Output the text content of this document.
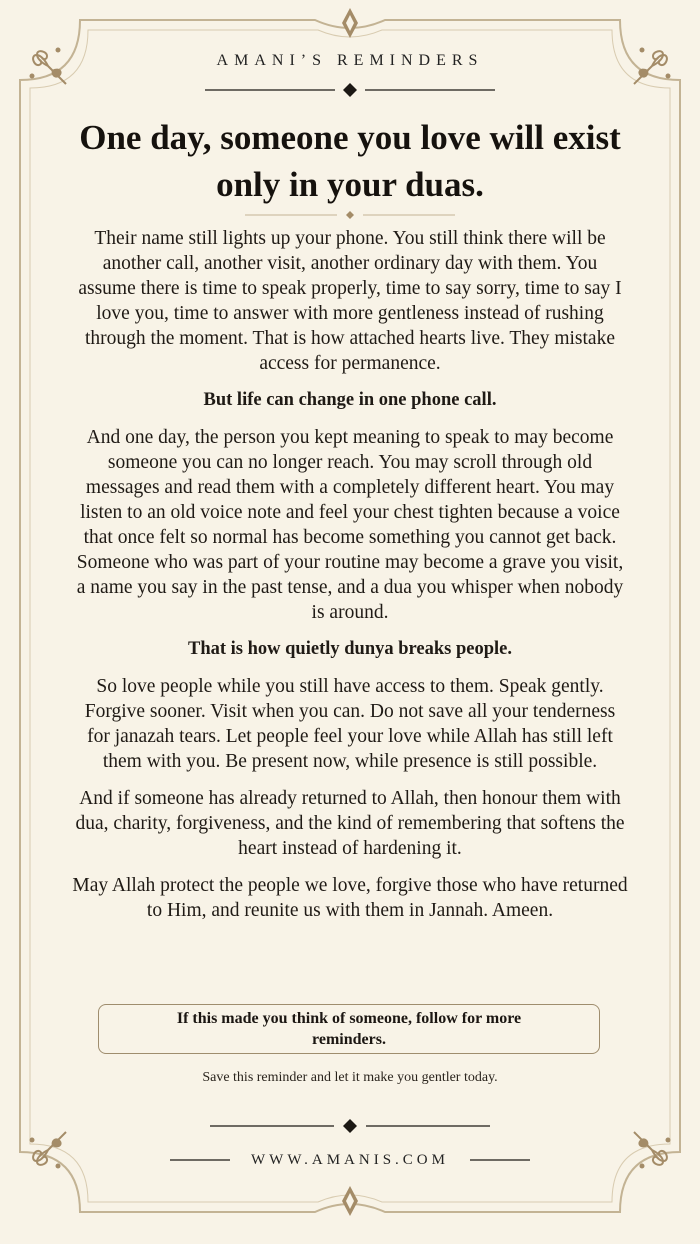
AMANI’S REMINDERS
One day, someone you love will exist only in your duas.

Their name still lights up your phone. You still think there will be another call, another visit, another ordinary day with them. You assume there is time to speak properly, time to say sorry, time to say I love you, time to answer with more gentleness instead of rushing through the moment. That is how attached hearts live. They mistake access for permanence.

But life can change in one phone call.

And one day, the person you kept meaning to speak to may become someone you can no longer reach. You may scroll through old messages and read them with a completely different heart. You may listen to an old voice note and feel your chest tighten because a voice that once felt so normal has become something you cannot get back. Someone who was part of your routine may become a grave you visit, a name you say in the past tense, and a dua you whisper when nobody is around.

That is how quietly dunya breaks people.

So love people while you still have access to them. Speak gently. Forgive sooner. Visit when you can. Do not save all your tenderness for janazah tears. Let people feel your love while Allah has still left them with you. Be present now, while presence is still possible.

And if someone has already returned to Allah, then honour them with dua, charity, forgiveness, and the kind of remembering that softens the heart instead of hardening it.

May Allah protect the people we love, forgive those who have returned to Him, and reunite us with them in Jannah. Ameen.

If this made you think of someone, follow for more reminders.
Save this reminder and let it make you gentler today.
WWW.AMANIS.COM
